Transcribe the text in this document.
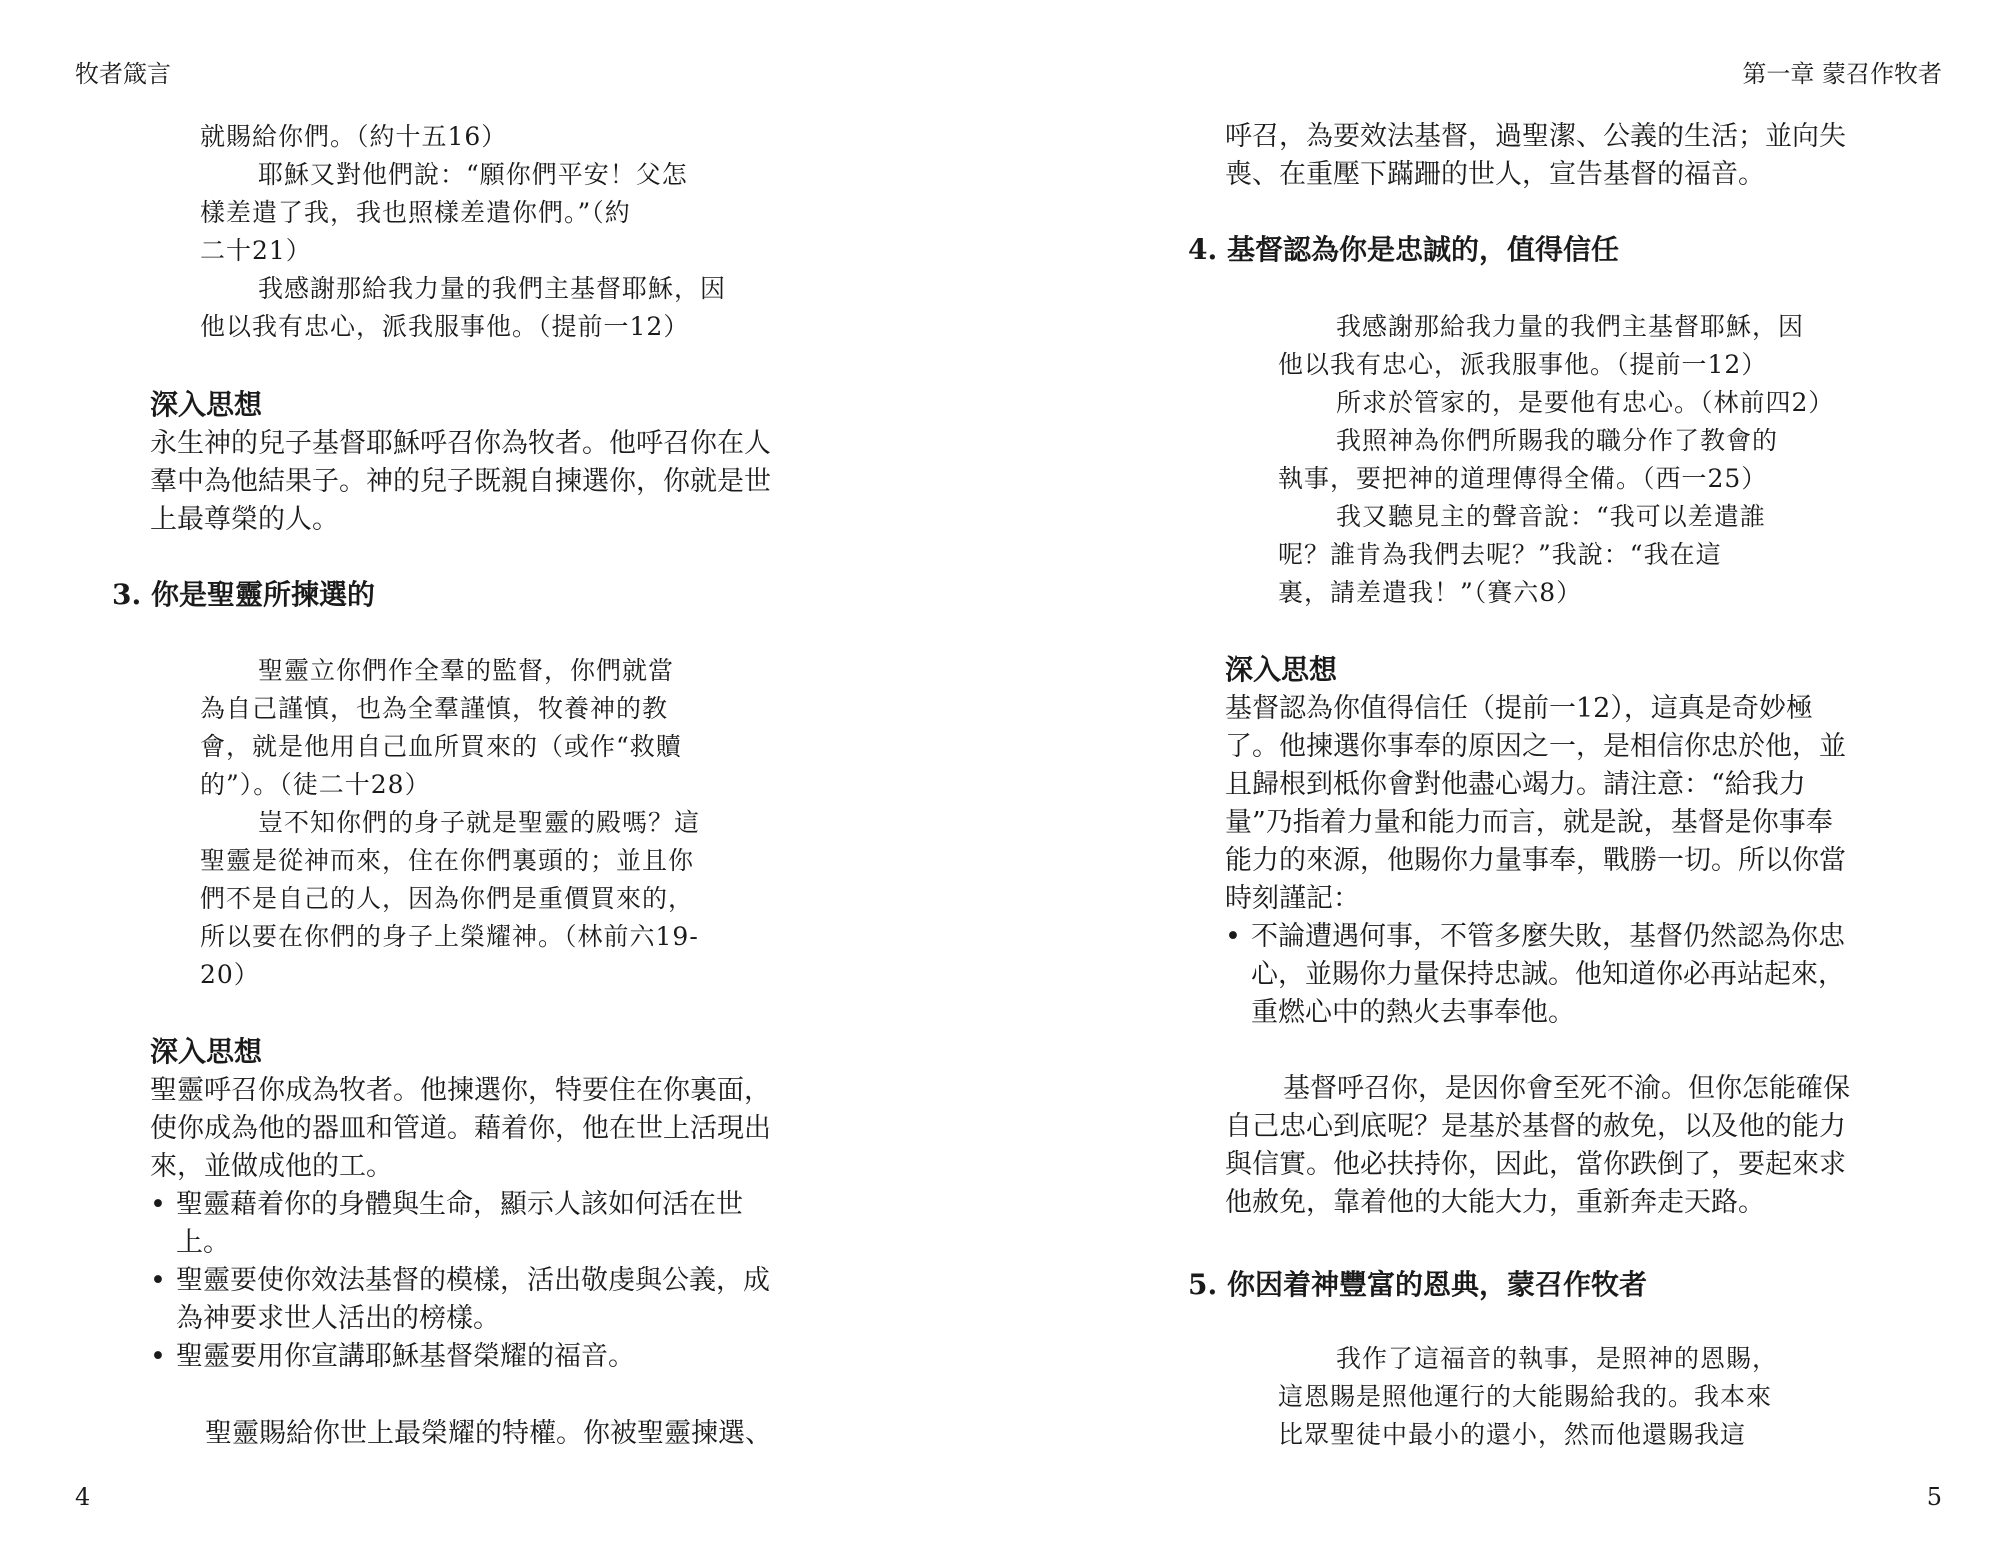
牧者箴言
就賜給你們。（約十五16）
耶穌又對他們說：“願你們平安！父怎
樣差遣了我，我也照樣差遣你們。”（約
二十21）
我感謝那給我力量的我們主基督耶穌，因
他以我有忠心，派我服事他。（提前一12）
深入思想
永生神的兒子基督耶穌呼召你為牧者。他呼召你在人
羣中為他結果子。神的兒子既親自揀選你，你就是世
上最尊榮的人。
3. 你是聖靈所揀選的
聖靈立你們作全羣的監督，你們就當
為自己謹慎，也為全羣謹慎，牧養神的教
會，就是他用自己血所買來的（或作“救贖
的”）。（徒二十28）
豈不知你們的身子就是聖靈的殿嗎？這
聖靈是從神而來，住在你們裏頭的；並且你
們不是自己的人，因為你們是重價買來的，
所以要在你們的身子上榮耀神。（林前六19-
20）
深入思想
聖靈呼召你成為牧者。他揀選你，特要住在你裏面，
使你成為他的器皿和管道。藉着你，他在世上活現出
來，並做成他的工。
• 聖靈藉着你的身體與生命，顯示人該如何活在世
上。
• 聖靈要使你效法基督的模樣，活出敬虔與公義，成
為神要求世人活出的榜樣。
• 聖靈要用你宣講耶穌基督榮耀的福音。
聖靈賜給你世上最榮耀的特權。你被聖靈揀選、
4
第一章 蒙召作牧者
呼召，為要效法基督，過聖潔、公義的生活；並向失
喪、在重壓下蹣跚的世人，宣告基督的福音。
4. 基督認為你是忠誠的，值得信任
我感謝那給我力量的我們主基督耶穌，因
他以我有忠心，派我服事他。（提前一12）
所求於管家的，是要他有忠心。（林前四2）
我照神為你們所賜我的職分作了教會的
執事，要把神的道理傳得全備。（西一25）
我又聽見主的聲音說：“我可以差遣誰
呢？誰肯為我們去呢？”我說：“我在這
裏，請差遣我！”（賽六8）
深入思想
基督認為你值得信任（提前一12），這真是奇妙極
了。他揀選你事奉的原因之一，是相信你忠於他，並
且歸根到柢你會對他盡心竭力。請注意：“給我力
量”乃指着力量和能力而言，就是說，基督是你事奉
能力的來源，他賜你力量事奉，戰勝一切。所以你當
時刻謹記：
• 不論遭遇何事，不管多麼失敗，基督仍然認為你忠
心，並賜你力量保持忠誠。他知道你必再站起來，
重燃心中的熱火去事奉他。
基督呼召你，是因你會至死不渝。但你怎能確保
自己忠心到底呢？是基於基督的赦免，以及他的能力
與信實。他必扶持你，因此，當你跌倒了，要起來求
他赦免，靠着他的大能大力，重新奔走天路。
5. 你因着神豐富的恩典，蒙召作牧者
我作了這福音的執事，是照神的恩賜，
這恩賜是照他運行的大能賜給我的。我本來
比眾聖徒中最小的還小，然而他還賜我這
5
